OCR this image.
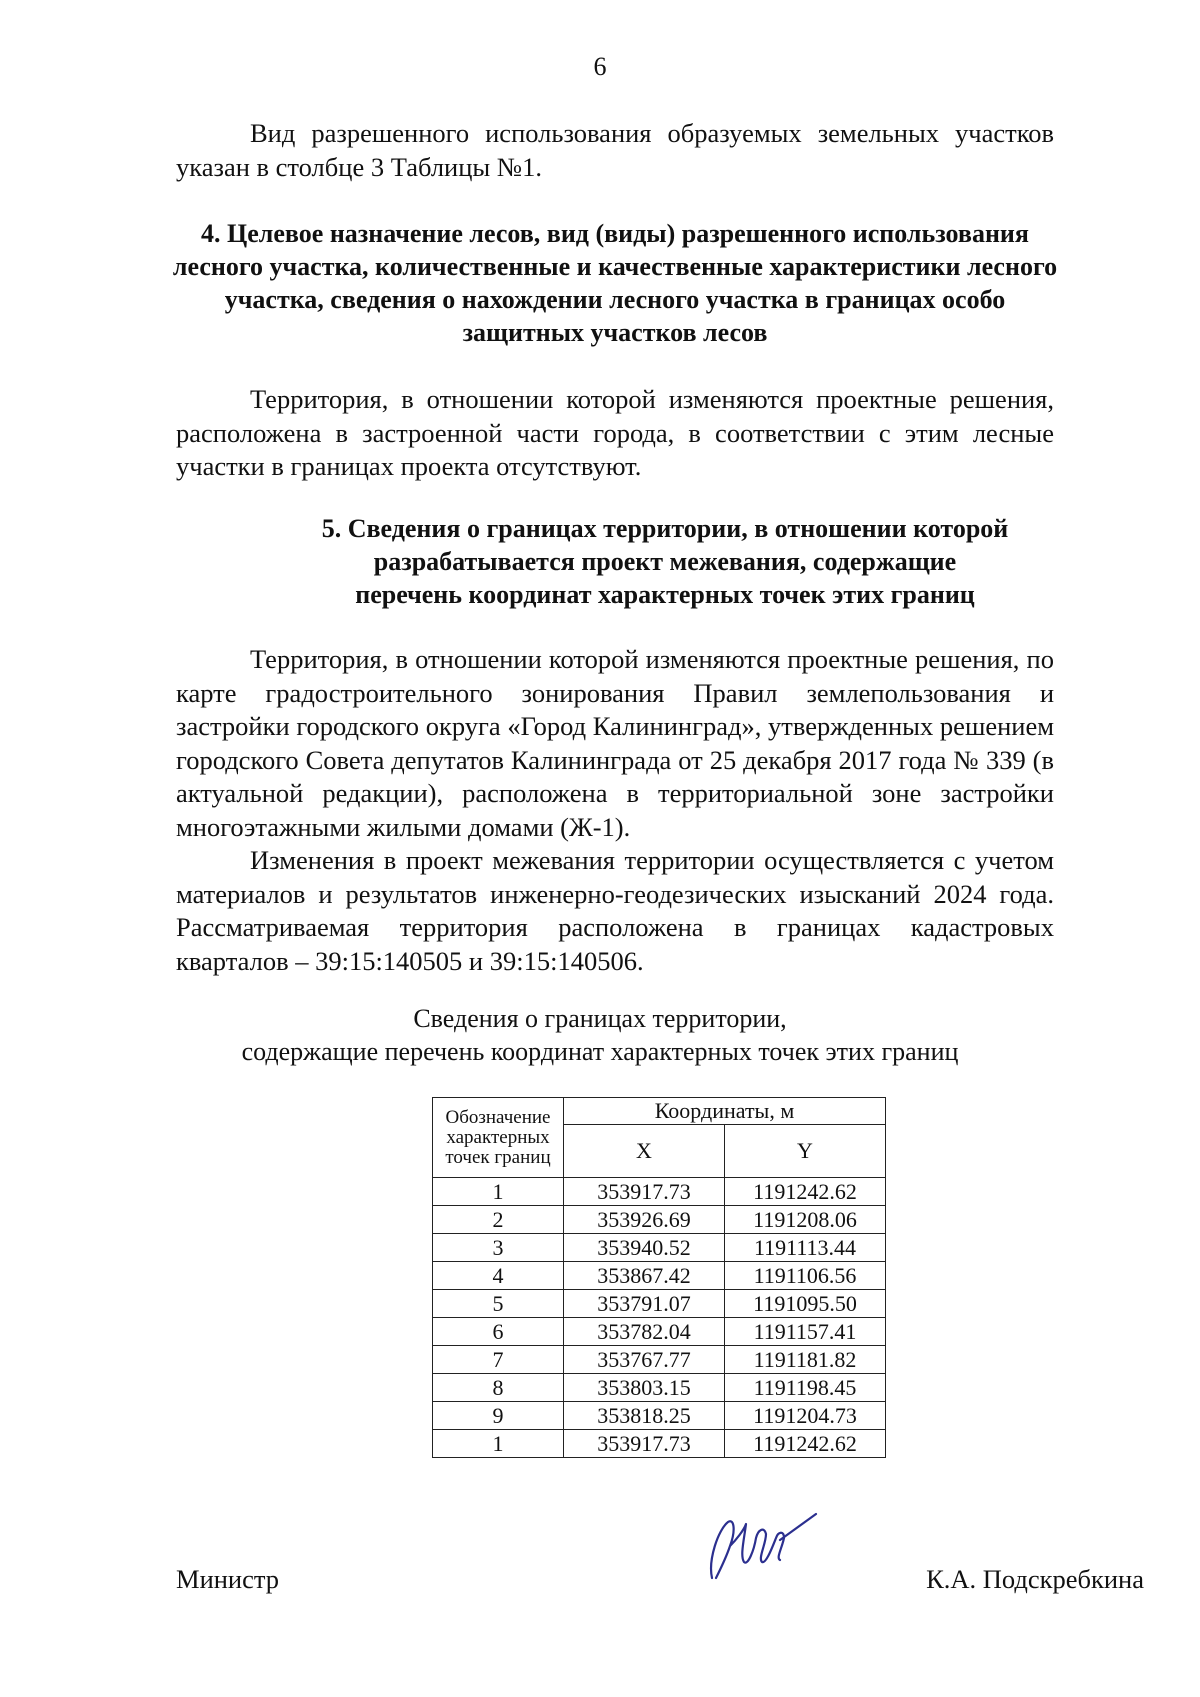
6

Вид разрешенного использования образуемых земельных участков указан в столбце 3 Таблицы №1.

4. Целевое назначение лесов, вид (виды) разрешенного использования
лесного участка, количественные и качественные характеристики лесного
участка, сведения о нахождении лесного участка в границах особо
защитных участков лесов

Территория, в отношении которой изменяются проектные решения, расположена в застроенной части города, в соответствии с этим лесные участки в границах проекта отсутствуют.

5. Сведения о границах территории, в отношении которой
разрабатывается проект межевания, содержащие
перечень координат характерных точек этих границ

Территория, в отношении которой изменяются проектные решения, по карте градостроительного зонирования Правил землепользования и застройки городского округа «Город Калининград», утвержденных решением городского Совета депутатов Калининграда от 25 декабря 2017 года № 339 (в актуальной редакции), расположена в территориальной зоне застройки многоэтажными жилыми домами (Ж-1).

Изменения в проект межевания территории осуществляется с учетом материалов и результатов инженерно-геодезических изысканий 2024 года. Рассматриваемая территория расположена в границах кадастровых кварталов – 39:15:140505 и 39:15:140506.

Сведения о границах территории,
содержащие перечень координат характерных точек этих границ
Обозначение характерных точек границ	Координаты, м	
	X	Y
1	353917.73	1191242.62
2	353926.69	1191208.06
3	353940.52	1191113.44
4	353867.42	1191106.56
5	353791.07	1191095.50
6	353782.04	1191157.41
7	353767.77	1191181.82
8	353803.15	1191198.45
9	353818.25	1191204.73
1	353917.73	1191242.62
Министр	К.А. Подскребкина
